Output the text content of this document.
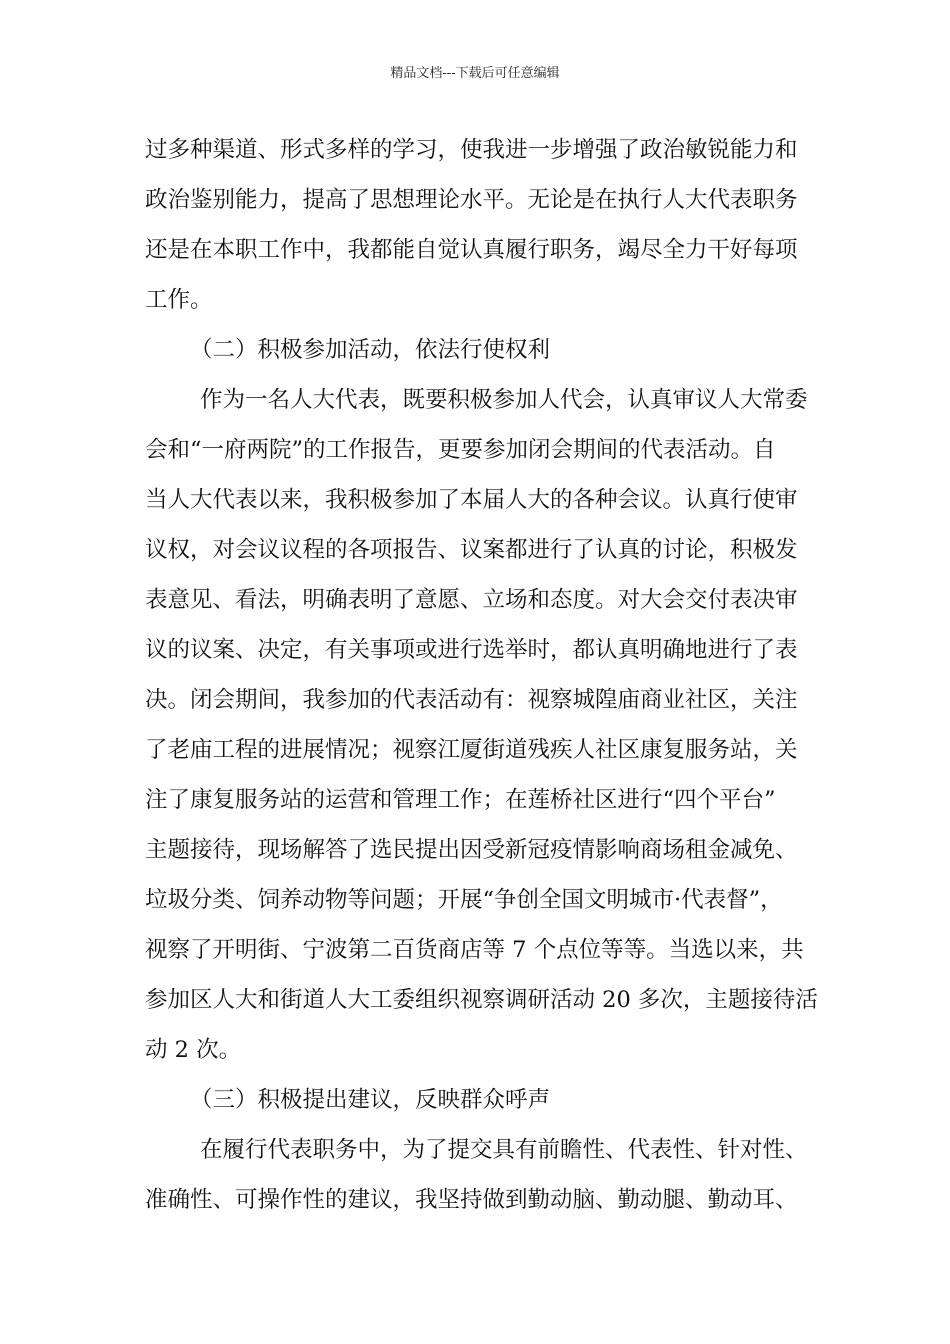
精品文档---下载后可任意编辑
过多种渠道、形式多样的学习，使我进一步增强了政治敏锐能力和
政治鉴别能力，提高了思想理论水平。无论是在执行人大代表职务
还是在本职工作中，我都能自觉认真履行职务，竭尽全力干好每项
工作。
（二）积极参加活动，依法行使权利
作为一名人大代表，既要积极参加人代会，认真审议人大常委
会和“一府两院”的工作报告，更要参加闭会期间的代表活动。自
当人大代表以来，我积极参加了本届人大的各种会议。认真行使审
议权，对会议议程的各项报告、议案都进行了认真的讨论，积极发
表意见、看法，明确表明了意愿、立场和态度。对大会交付表决审
议的议案、决定，有关事项或进行选举时，都认真明确地进行了表
决。闭会期间，我参加的代表活动有：视察城隍庙商业社区，关注
了老庙工程的进展情况；视察江厦街道残疾人社区康复服务站，关
注了康复服务站的运营和管理工作；在莲桥社区进行“四个平台”
主题接待，现场解答了选民提出因受新冠疫情影响商场租金减免、
垃圾分类、饲养动物等问题；开展“争创全国文明城市·代表督”，
视察了开明街、宁波第二百货商店等 7 个点位等等。当选以来，共
参加区人大和街道人大工委组织视察调研活动 20 多次，主题接待活
动 2 次。
（三）积极提出建议，反映群众呼声
在履行代表职务中，为了提交具有前瞻性、代表性、针对性、
准确性、可操作性的建议，我坚持做到勤动脑、勤动腿、勤动耳、
